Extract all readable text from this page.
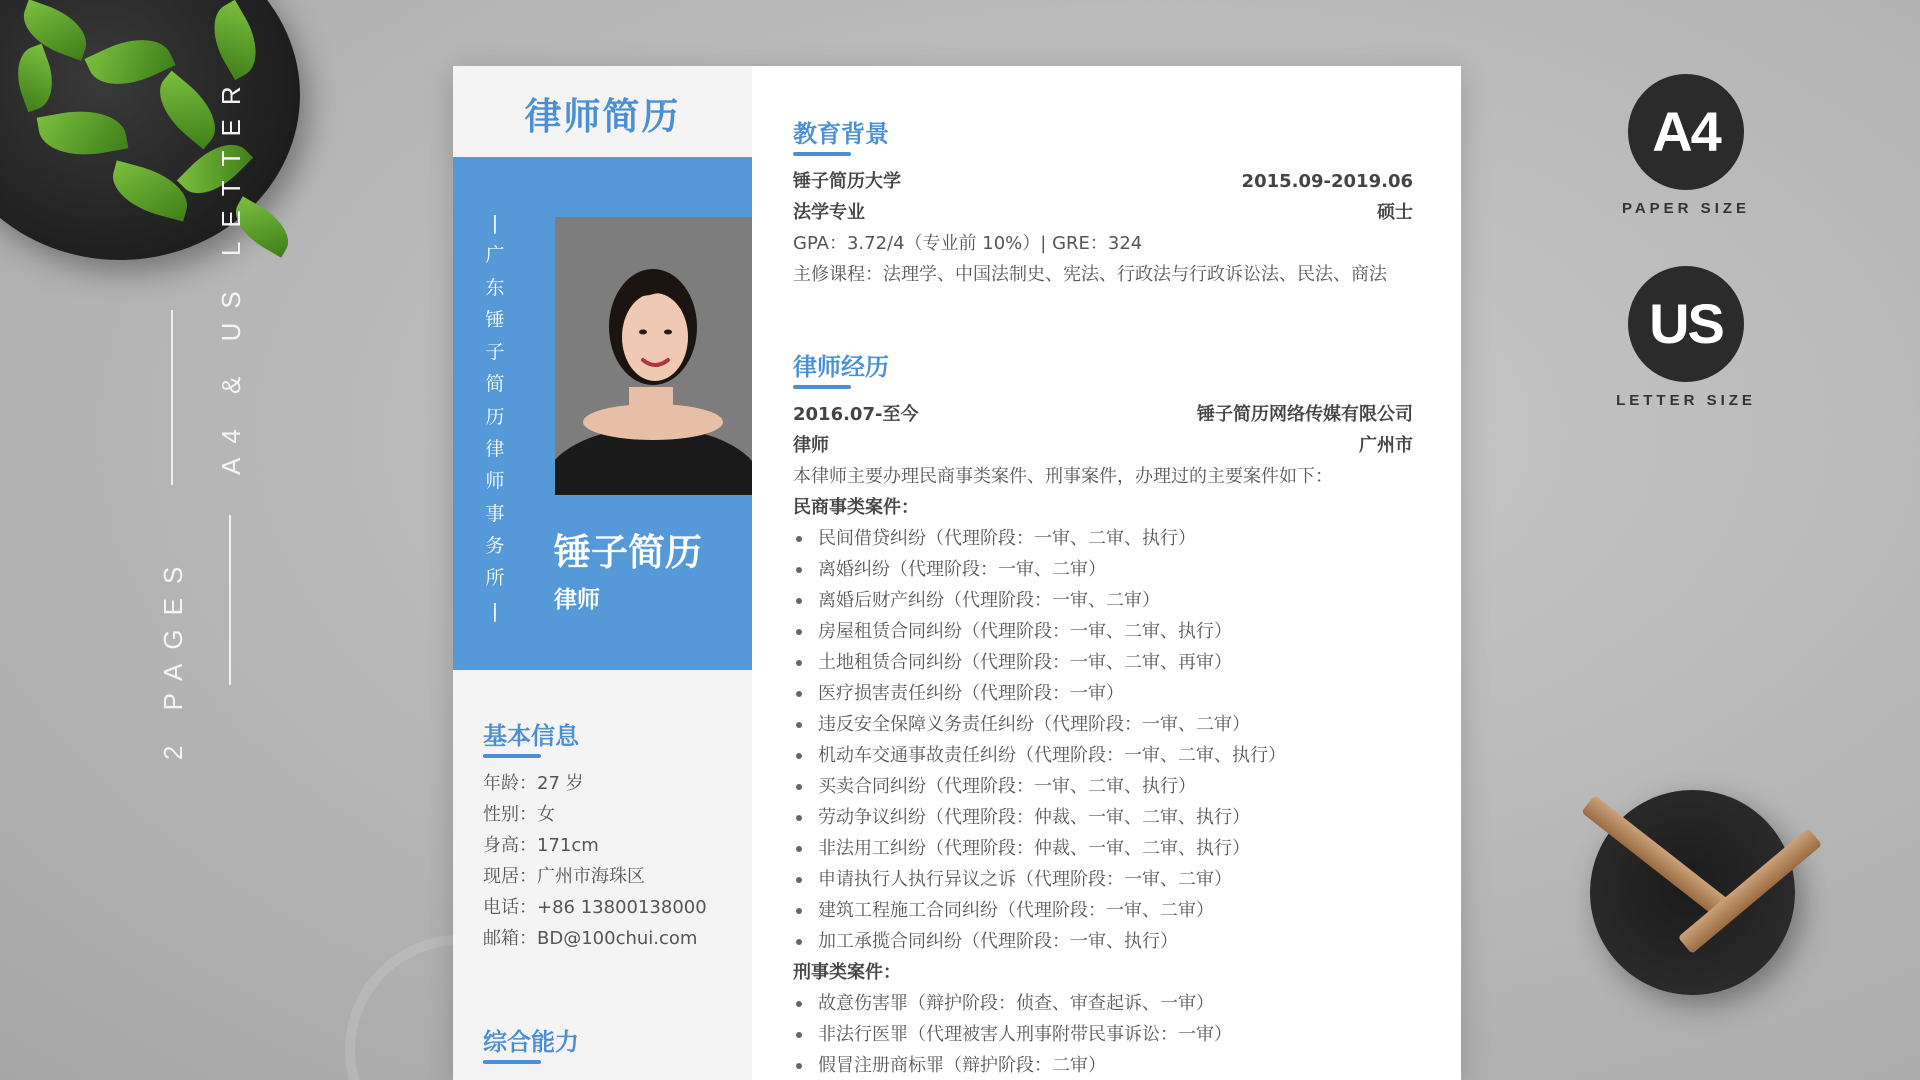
2 PAGES
A4 & US LETTER	律师简历
|
广
东
锤
子
简
历
律
师
事
务
所
|
锤子简历
律师
基本信息
年龄：27 岁
性别：女
身高：171cm
现居：广州市海珠区
电话：+86 13800138000
邮箱：BD@100chui.com
综合能力
教育背景
锤子简历大学	2015.09-2019.06
法学专业	硕士
GPA：3.72/4（专业前 10%）| GRE：324
主修课程：法理学、中国法制史、宪法、行政法与行政诉讼法、民法、商法
律师经历
2016.07-至今	锤子简历网络传媒有限公司
律师	广州市
本律师主要办理民商事类案件、刑事案件，办理过的主要案件如下：
民商事类案件：
民间借贷纠纷（代理阶段：一审、二审、执行）
离婚纠纷（代理阶段：一审、二审）
离婚后财产纠纷（代理阶段：一审、二审）
房屋租赁合同纠纷（代理阶段：一审、二审、执行）
土地租赁合同纠纷（代理阶段：一审、二审、再审）
医疗损害责任纠纷（代理阶段：一审）
违反安全保障义务责任纠纷（代理阶段：一审、二审）
机动车交通事故责任纠纷（代理阶段：一审、二审、执行）
买卖合同纠纷（代理阶段：一审、二审、执行）
劳动争议纠纷（代理阶段：仲裁、一审、二审、执行）
非法用工纠纷（代理阶段：仲裁、一审、二审、执行）
申请执行人执行异议之诉（代理阶段：一审、二审）
建筑工程施工合同纠纷（代理阶段：一审、二审）
加工承揽合同纠纷（代理阶段：一审、执行）
刑事类案件：
故意伤害罪（辩护阶段：侦查、审查起诉、一审）
非法行医罪（代理被害人刑事附带民事诉讼：一审）
假冒注册商标罪（辩护阶段：二审）
A4
PAPER SIZE
US
LETTER SIZE
